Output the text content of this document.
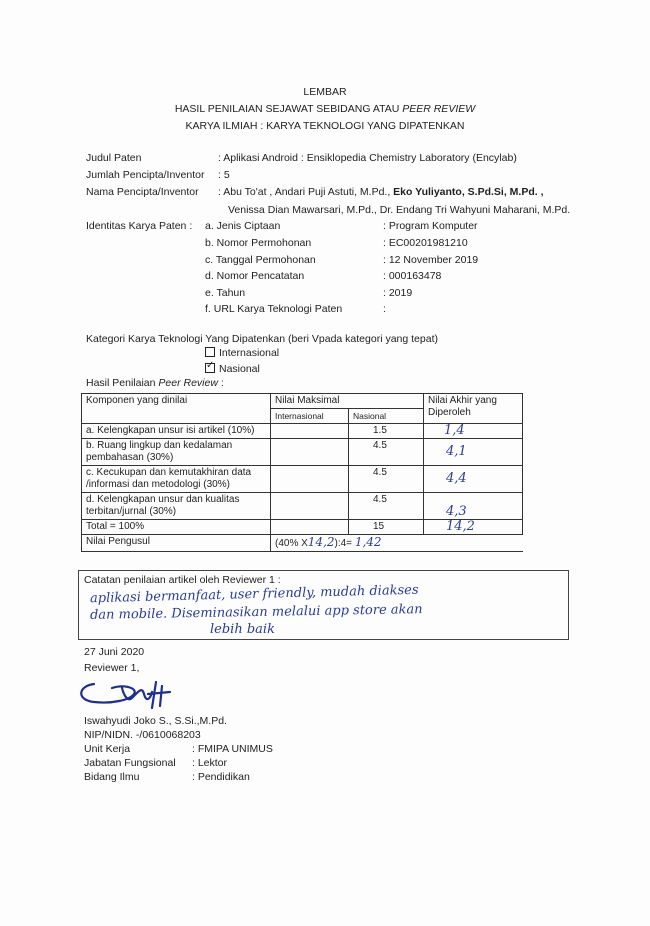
LEMBAR
HASIL PENILAIAN SEJAWAT SEBIDANG ATAU PEER REVIEW
KARYA ILMIAH : KARYA TEKNOLOGI YANG DIPATENKAN
Judul Paten	: Aplikasi Android : Ensiklopedia Chemistry Laboratory (Encylab)
Jumlah Pencipta/Inventor : 5
Nama Pencipta/Inventor : Abu To'at , Andari Puji Astuti, M.Pd., Eko Yuliyanto, S.Pd.Si, M.Pd. ,
Venissa Dian Mawarsari, M.Pd., Dr. Endang Tri Wahyuni Maharani, M.Pd.
Identitas Karya Paten : a. Jenis Ciptaan	: Program Komputer
b. Nomor Permohonan	: EC00201981210
c. Tanggal Permohonan	: 12 November 2019
d. Nomor Pencatatan	: 000163478
e. Tahun	: 2019
f. URL Karya Teknologi Paten	:
Kategori Karya Teknologi Yang Dipatenkan (beri Vpada kategori yang tepat)
Internasional
✓Nasional
Hasil Penilaian Peer Review :
Komponen yang dinilai	Nilai Maksimal		Nilai Akhir yang Diperoleh
	Internasional	Nasional	
a. Kelengkapan unsur isi artikel (10%)		1.5	1,4
b. Ruang lingkup dan kedalaman pembahasan (30%)		4.5	4,1
c. Kecukupan dan kemutakhiran data /informasi dan metodologi (30%)		4.5	4,4
d. Kelengkapan unsur dan kualitas terbitan/jurnal (30%)		4.5	4,3
Total = 100%		15	14,2
Nilai Pengusul	(40% X14,2):4= 1,42		
Catatan penilaian artikel oleh Reviewer 1 :
aplikasi bermanfaat, user friendly, mudah diakses
dan mobile. Diseminasikan melalui app store akan
lebih baik
27 Juni 2020
Reviewer 1,
Iswahyudi Joko S., S.Si.,M.Pd.
NIP/NIDN. -/0610068203
Unit Kerja	: FMIPA UNIMUS
Jabatan Fungsional : Lektor
Bidang Ilmu	: Pendidikan
